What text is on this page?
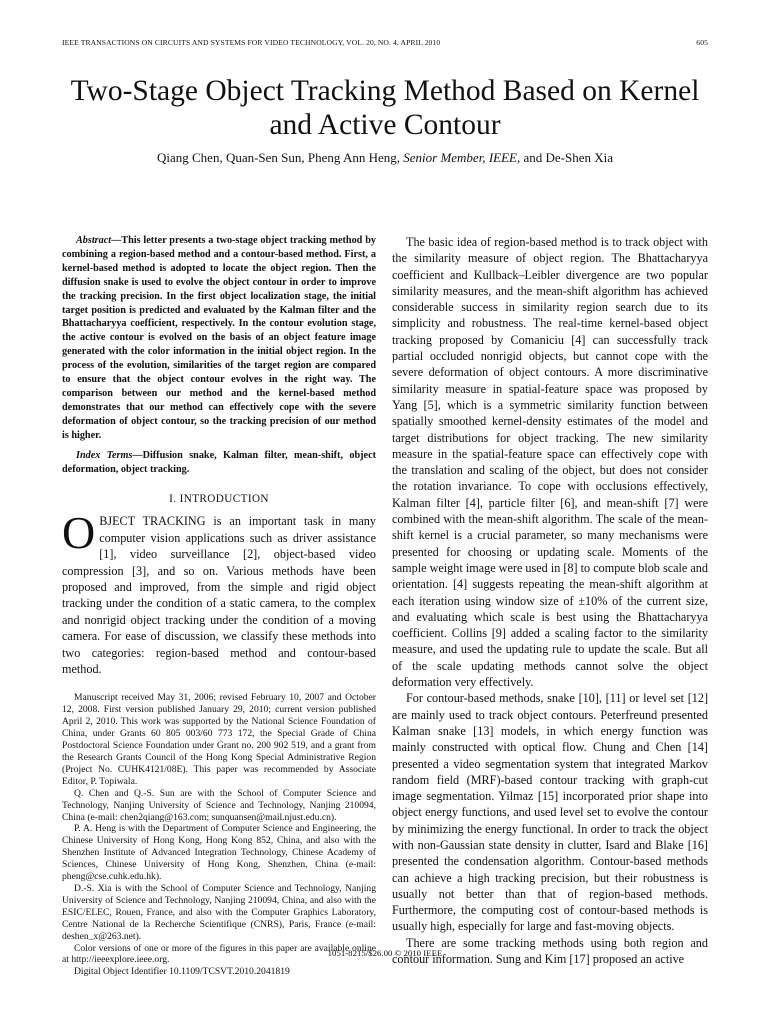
IEEE TRANSACTIONS ON CIRCUITS AND SYSTEMS FOR VIDEO TECHNOLOGY, VOL. 20, NO. 4, APRIL 2010	605
Two-Stage Object Tracking Method Based on Kernel and Active Contour
Qiang Chen, Quan-Sen Sun, Pheng Ann Heng, Senior Member, IEEE, and De-Shen Xia

Abstract—This letter presents a two-stage object tracking method by combining a region-based method and a contour-based method. First, a kernel-based method is adopted to locate the object region. Then the diffusion snake is used to evolve the object contour in order to improve the tracking precision. In the first object localization stage, the initial target position is predicted and evaluated by the Kalman filter and the Bhattacharyya coefficient, respectively. In the contour evolution stage, the active contour is evolved on the basis of an object feature image generated with the color information in the initial object region. In the process of the evolution, similarities of the target region are compared to ensure that the object contour evolves in the right way. The comparison between our method and the kernel-based method demonstrates that our method can effectively cope with the severe deformation of object contour, so the tracking precision of our method is higher.

Index Terms—Diffusion snake, Kalman filter, mean-shift, object deformation, object tracking.

I. INTRODUCTION

OBJECT TRACKING is an important task in many computer vision applications such as driver assistance [1], video surveillance [2], object-based video compression [3], and so on. Various methods have been proposed and improved, from the simple and rigid object tracking under the condition of a static camera, to the complex and nonrigid object tracking under the condition of a moving camera. For ease of discussion, we classify these methods into two categories: region-based method and contour-based method.

Manuscript received May 31, 2006; revised February 10, 2007 and October 12, 2008. First version published January 29, 2010; current version published April 2, 2010. This work was supported by the National Science Foundation of China, under Grants 60 805 003/60 773 172, the Special Grade of China Postdoctoral Science Foundation under Grant no. 200 902 519, and a grant from the Research Grants Council of the Hong Kong Special Administrative Region (Project No. CUHK4121/08E). This paper was recommended by Associate Editor, P. Topiwala.

Q. Chen and Q.-S. Sun are with the School of Computer Science and Technology, Nanjing University of Science and Technology, Nanjing 210094, China (e-mail: chen2qiang@163.com; sunquansen@mail.njust.edu.cn).

P. A. Heng is with the Department of Computer Science and Engineering, the Chinese University of Hong Kong, Hong Kong 852, China, and also with the Shenzhen Institute of Advanced Integration Technology, Chinese Academy of Sciences, Chinese University of Hong Kong, Shenzhen, China (e-mail: pheng@cse.cuhk.edu.hk).

D.-S. Xia is with the School of Computer Science and Technology, Nanjing University of Science and Technology, Nanjing 210094, China, and also with the ESIC/ELEC, Rouen, France, and also with the Computer Graphics Laboratory, Centre National de la Recherche Scientifique (CNRS), Paris, France (e-mail: deshen_x@263.net).

Color versions of one or more of the figures in this paper are available online at http://ieeexplore.ieee.org.

Digital Object Identifier 10.1109/TCSVT.2010.2041819

The basic idea of region-based method is to track object with the similarity measure of object region. The Bhattacharyya coefficient and Kullback–Leibler divergence are two popular similarity measures, and the mean-shift algorithm has achieved considerable success in similarity region search due to its simplicity and robustness. The real-time kernel-based object tracking proposed by Comaniciu [4] can successfully track partial occluded nonrigid objects, but cannot cope with the severe deformation of object contours. A more discriminative similarity measure in spatial-feature space was proposed by Yang [5], which is a symmetric similarity function between spatially smoothed kernel-density estimates of the model and target distributions for object tracking. The new similarity measure in the spatial-feature space can effectively cope with the translation and scaling of the object, but does not consider the rotation invariance. To cope with occlusions effectively, Kalman filter [4], particle filter [6], and mean-shift [7] were combined with the mean-shift algorithm. The scale of the mean-shift kernel is a crucial parameter, so many mechanisms were presented for choosing or updating scale. Moments of the sample weight image were used in [8] to compute blob scale and orientation. [4] suggests repeating the mean-shift algorithm at each iteration using window size of ±10% of the current size, and evaluating which scale is best using the Bhattacharyya coefficient. Collins [9] added a scaling factor to the similarity measure, and used the updating rule to update the scale. But all of the scale updating methods cannot solve the object deformation very effectively.

For contour-based methods, snake [10], [11] or level set [12] are mainly used to track object contours. Peterfreund presented Kalman snake [13] models, in which energy function was mainly constructed with optical flow. Chung and Chen [14] presented a video segmentation system that integrated Markov random field (MRF)-based contour tracking with graph-cut image segmentation. Yilmaz [15] incorporated prior shape into object energy functions, and used level set to evolve the contour by minimizing the energy functional. In order to track the object with non-Gaussian state density in clutter, Isard and Blake [16] presented the condensation algorithm. Contour-based methods can achieve a high tracking precision, but their robustness is usually not better than that of region-based methods. Furthermore, the computing cost of contour-based methods is usually high, especially for large and fast-moving objects.

There are some tracking methods using both region and contour information. Sung and Kim [17] proposed an active

1051-8215/$26.00 © 2010 IEEE
